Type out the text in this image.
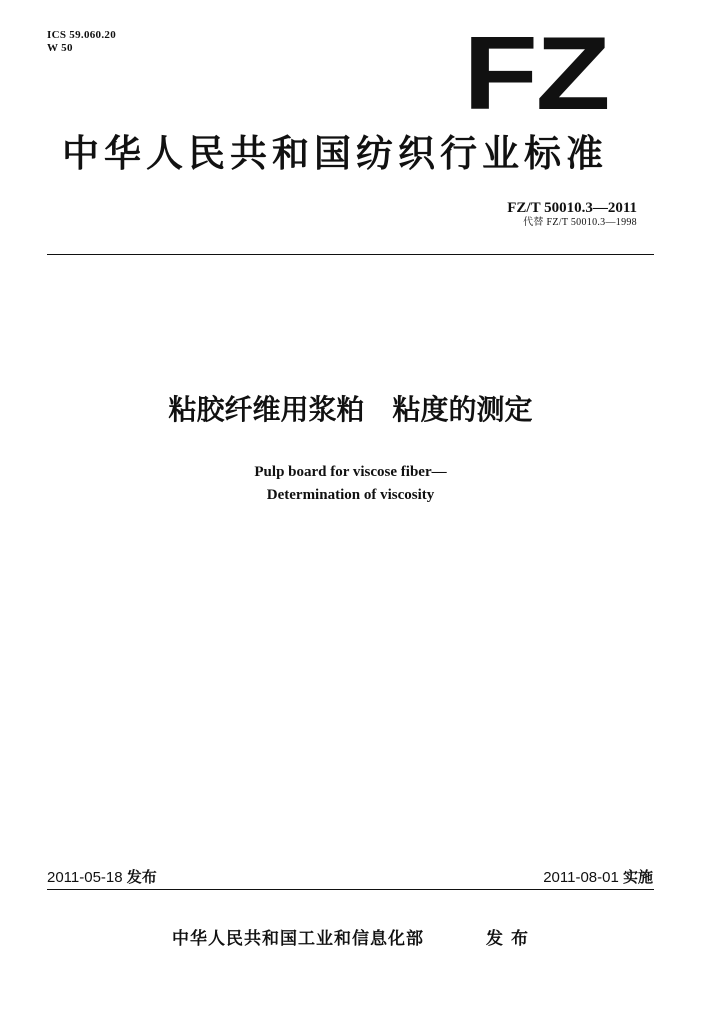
ICS 59.060.20
W 50	FZ
中华人民共和国纺织行业标准
FZ/T 50010.3—2011
代替 FZ/T 50010.3—1998
粘胶纤维用浆粕　粘度的测定
Pulp board for viscose fiber—
Determination of viscosity
2011-05-18 发布	2011-08-01 实施
中华人民共和国工业和信息化部	发布
